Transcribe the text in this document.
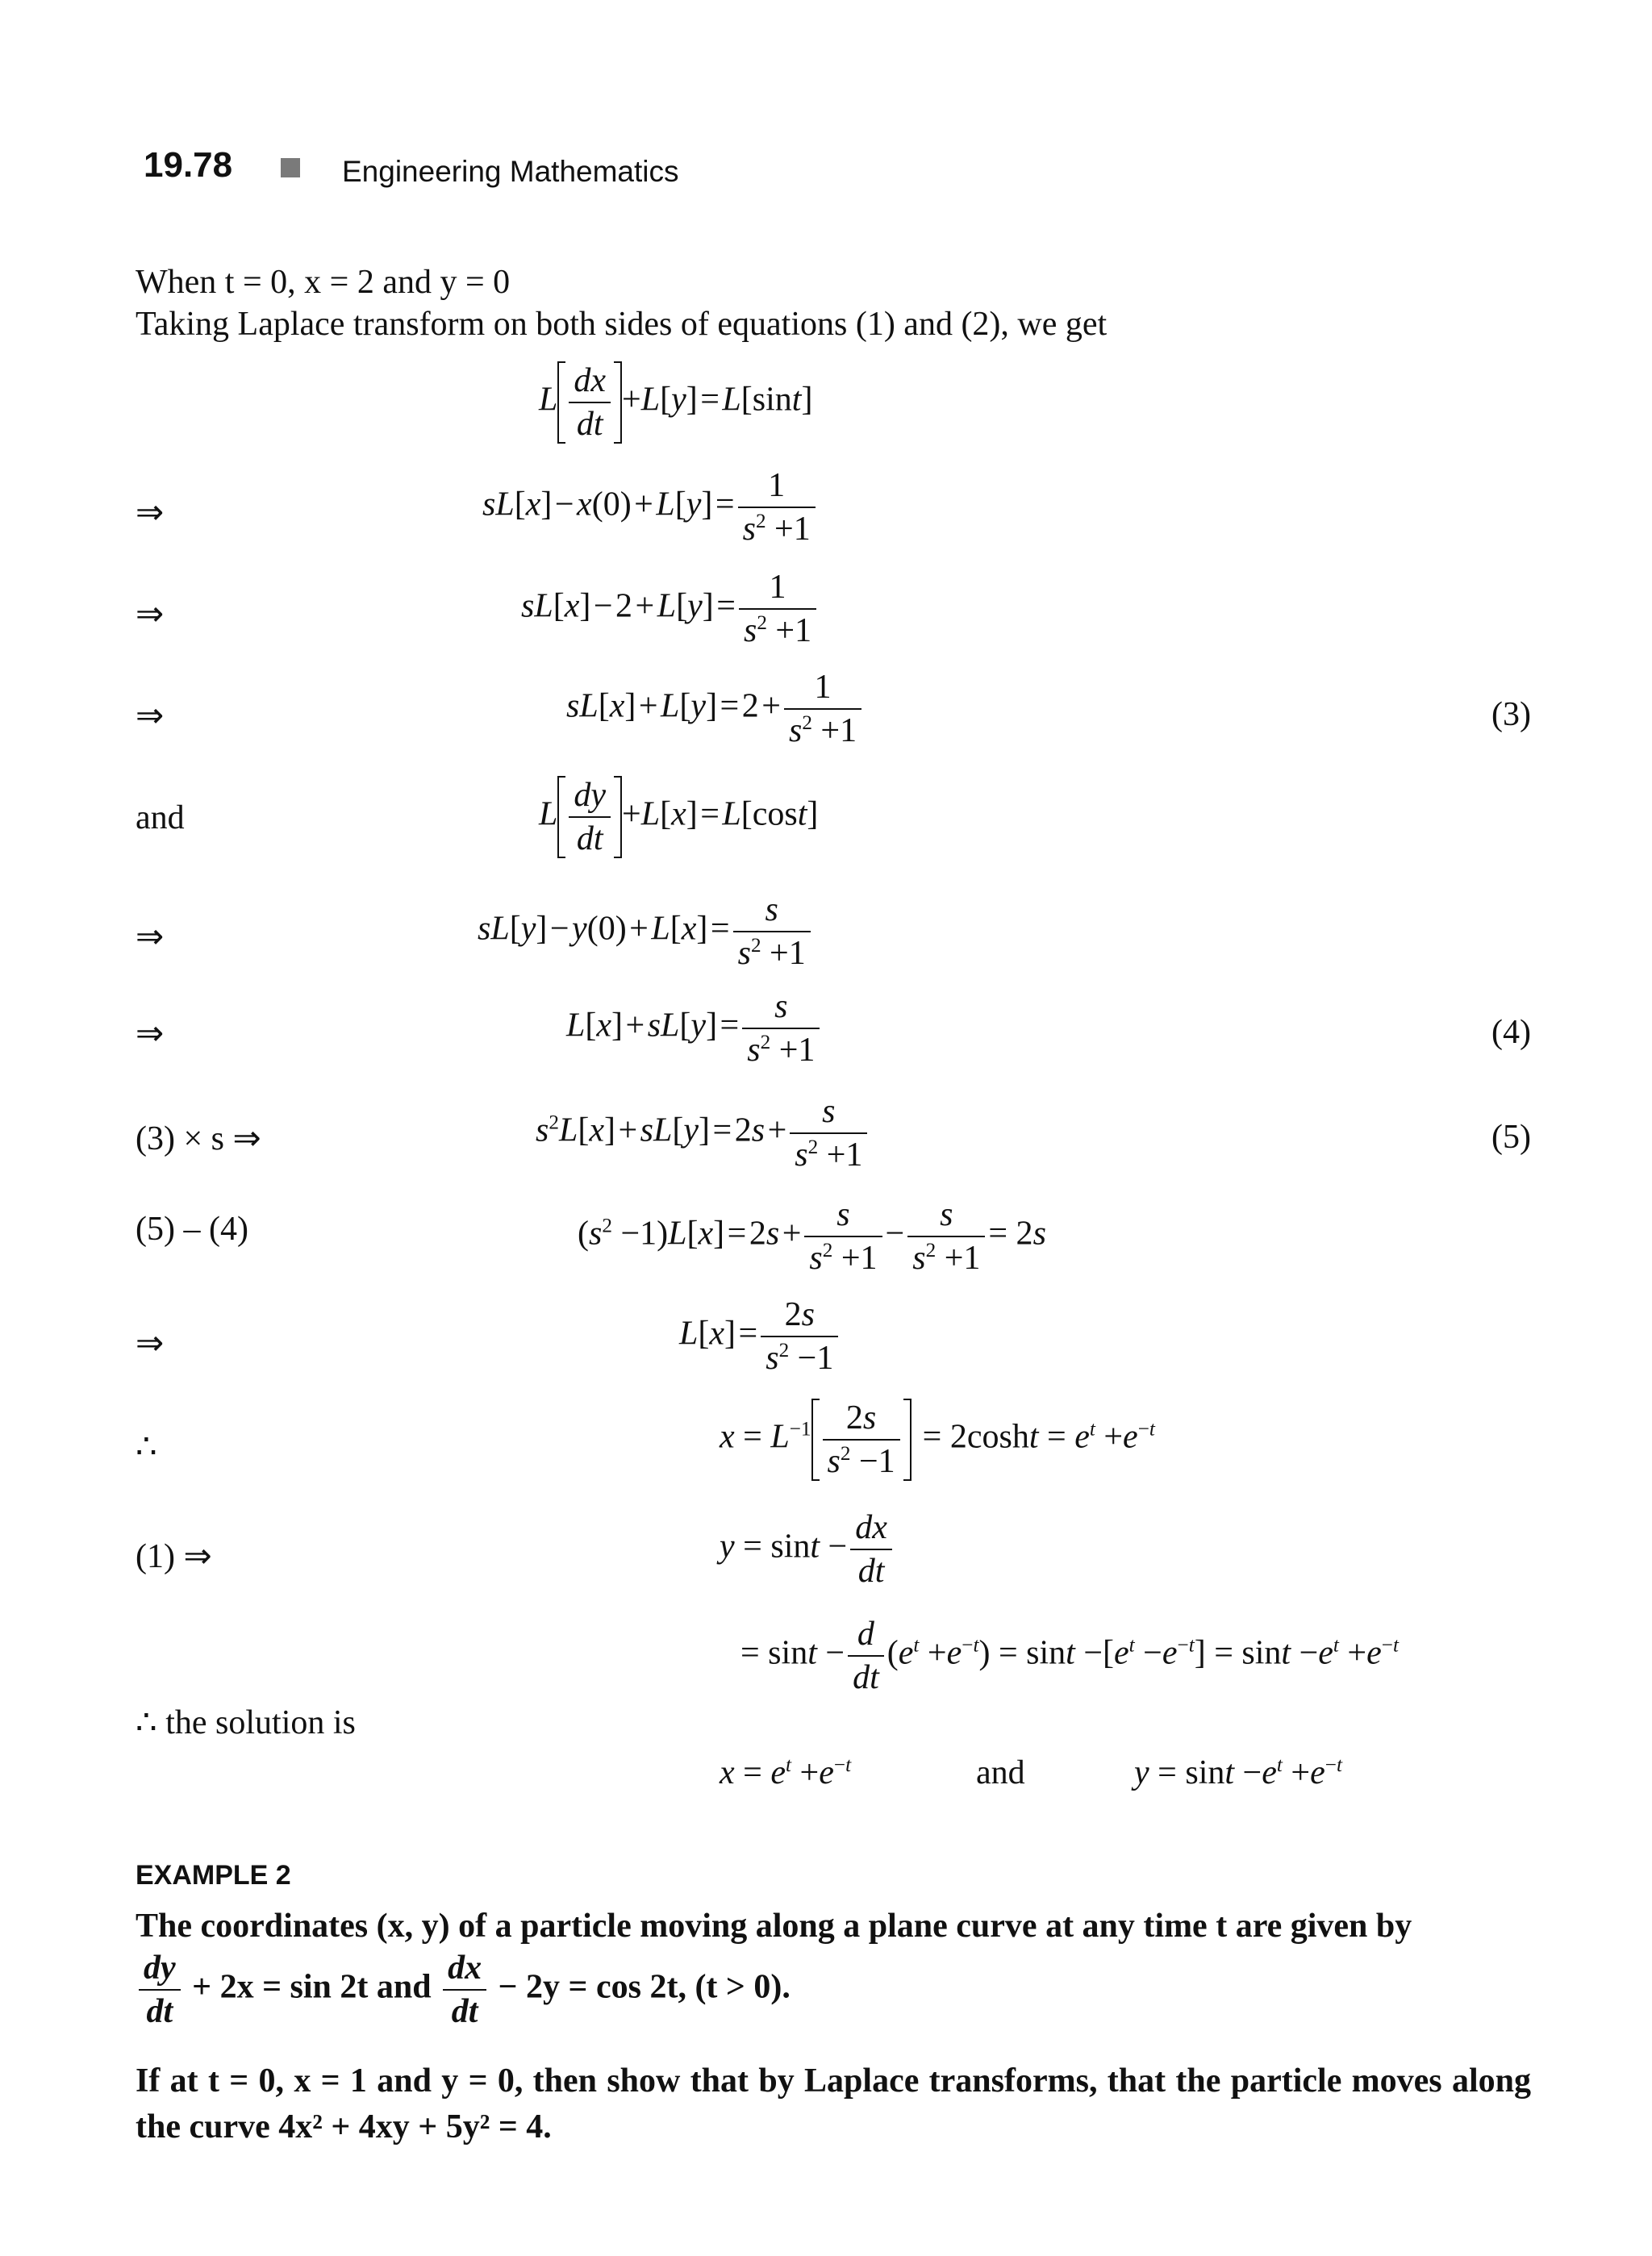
19.78	Engineering Mathematics
When t = 0, x = 2 and y = 0
Taking Laplace transform on both sides of equations (1) and (2), we get
L $\frac{dx}{dt} +L[y]$ = L[sint]
⇒	sL[x] − x(0) + L[y] = $\frac{1}{s^2 +1}$
⇒	sL[x] − 2 + L[y] = $\frac{1}{s^2 +1}$
⇒	sL[x] + L[y] = 2 + $\frac{1}{s^2 +1}$	(3)
and	L $\frac{dy}{dt} +L[x]$ = L[cost]
⇒	sL[y] − y(0) + L[x] = $\frac{s}{s^2 +1}$
⇒	L[x] + sL[y] = $\frac{s}{s^2 +1}$	(4)
(3) × s ⇒	$s^2L[x]$ + sL[y] = 2s + $\frac{s}{s^2 +1}$	(5)
(5) – (4)	$(s^2 -1)L[x]$ = 2s + $\frac{s}{s^2 +1} - \frac{s}{s^2 +1} = 2s$
⇒	L[x] = $\frac{2s}{s^2 -1}$
∴	$x = L^{-1} \frac{2s}{s^2 -1}$   = $2\cosh t = e^t +e^{-t}$
(1) ⇒	$y = \sin t - \frac{dx}{dt}$
= $\sin t - \frac{d}{dt} (e^t +e^{-t}) = \sin t -[e^t -e^{-t}] = \sin t -e^t +e^{-t}$
∴ the solution is
$x = e^t +e^{-t}$	and	$y = \sin t -e^t +e^{-t}$
EXAMPLE 2
The coordinates (x, y) of a particle moving along a plane curve at any time t are given by
$\frac{dy}{dt} + 2x = \sin 2t$ and $\frac{dx}{dt} - 2y = \cos 2t$, (t > 0).
If at t = 0, x = 1 and y = 0, then show that by Laplace transforms, that the particle moves along the curve 4x² + 4xy + 5y² = 4.
